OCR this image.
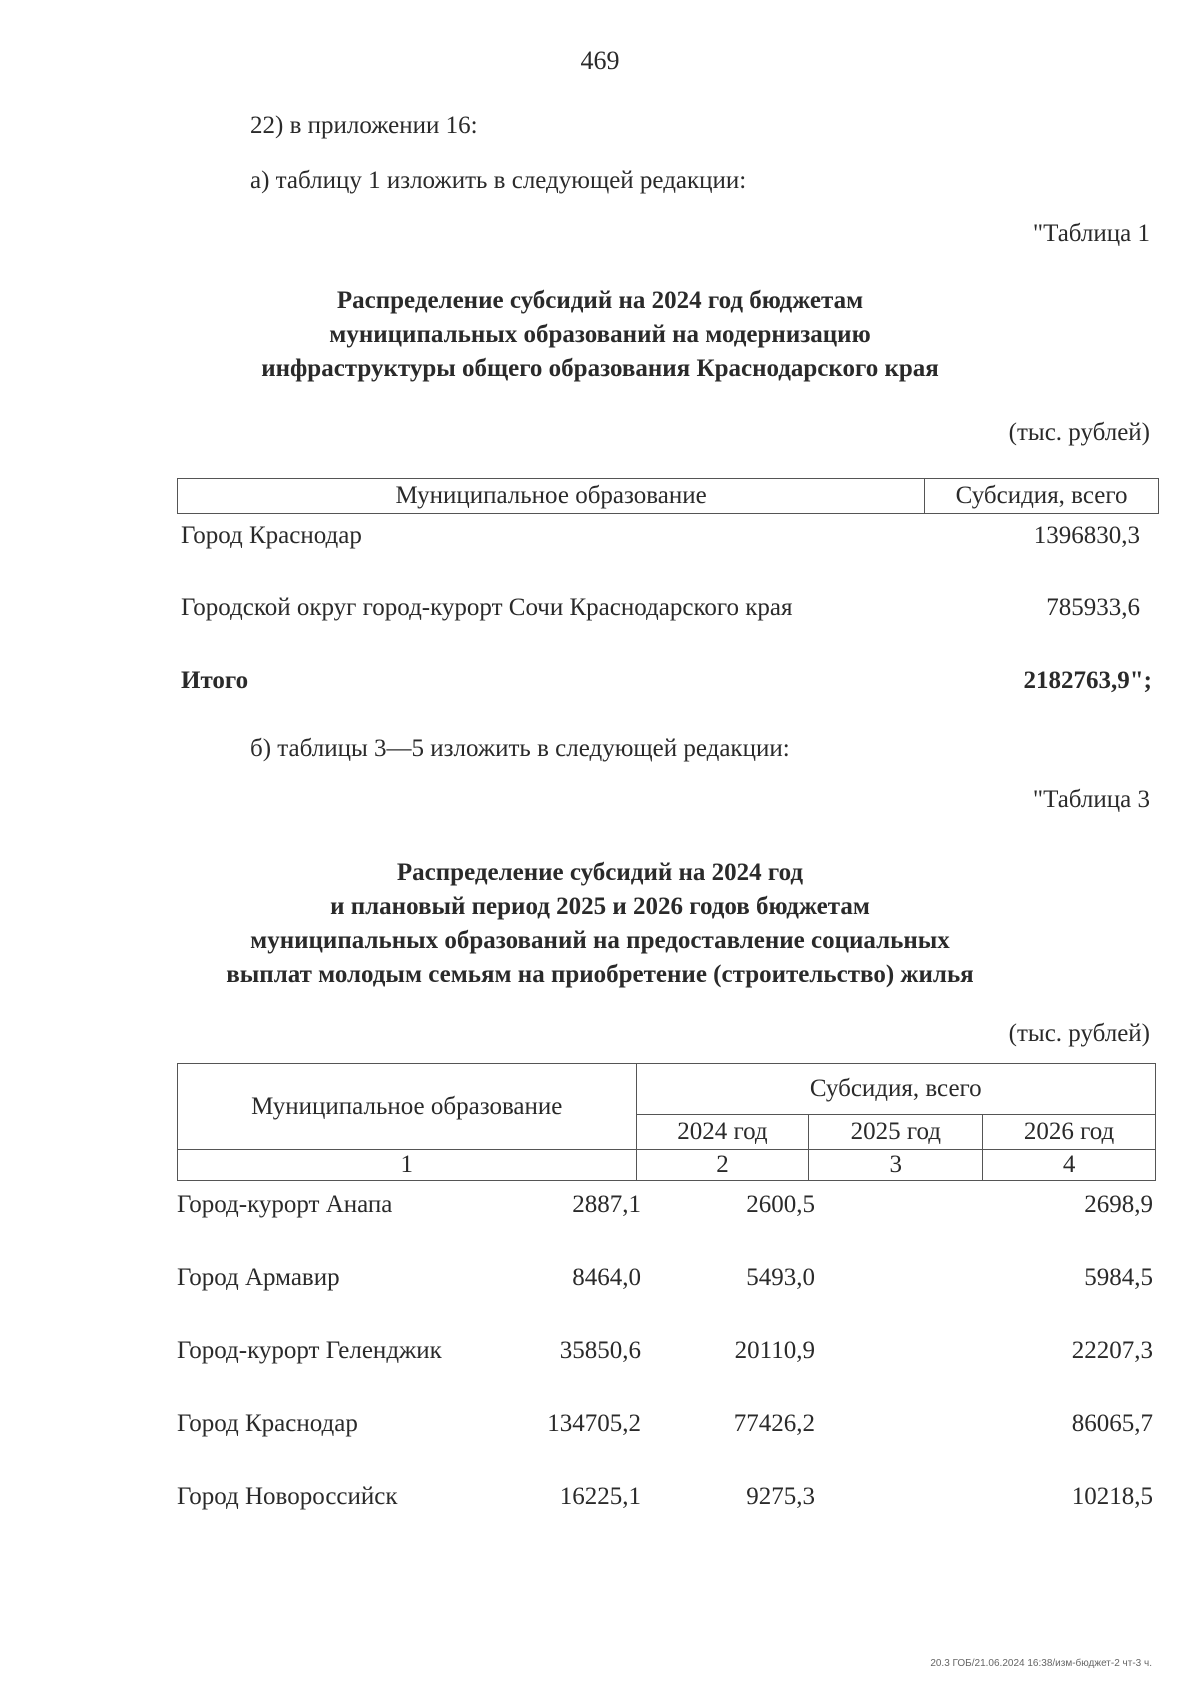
469
22) в приложении 16:
а) таблицу 1 изложить в следующей редакции:
"Таблица 1
Распределение субсидий на 2024 год бюджетам
муниципальных образований на модернизацию
инфраструктуры общего образования Краснодарского края
(тыс. рублей)
Муниципальное образование	Субсидия, всего
Город Краснодар	1396830,3
Городской округ город-курорт Сочи Краснодарского края	785933,6
Итого	2182763,9";
б) таблицы 3—5 изложить в следующей редакции:
"Таблица 3
Распределение субсидий на 2024 год
и плановый период 2025 и 2026 годов бюджетам
муниципальных образований на предоставление социальных
выплат молодым семьям на приобретение (строительство) жилья
(тыс. рублей)
Муниципальное образование	Субсидия, всего		
	2024 год	2025 год	2026 год
1	2	3	4
Город-курорт Анапа	2887,1	2600,5	2698,9
Город Армавир	8464,0	5493,0	5984,5
Город-курорт Геленджик	35850,6	20110,9	22207,3
Город Краснодар	134705,2	77426,2	86065,7
Город Новороссийск	16225,1	9275,3	10218,5
20.3 ГОБ/21.06.2024 16:38/изм-бюджет-2 чт-3 ч.
